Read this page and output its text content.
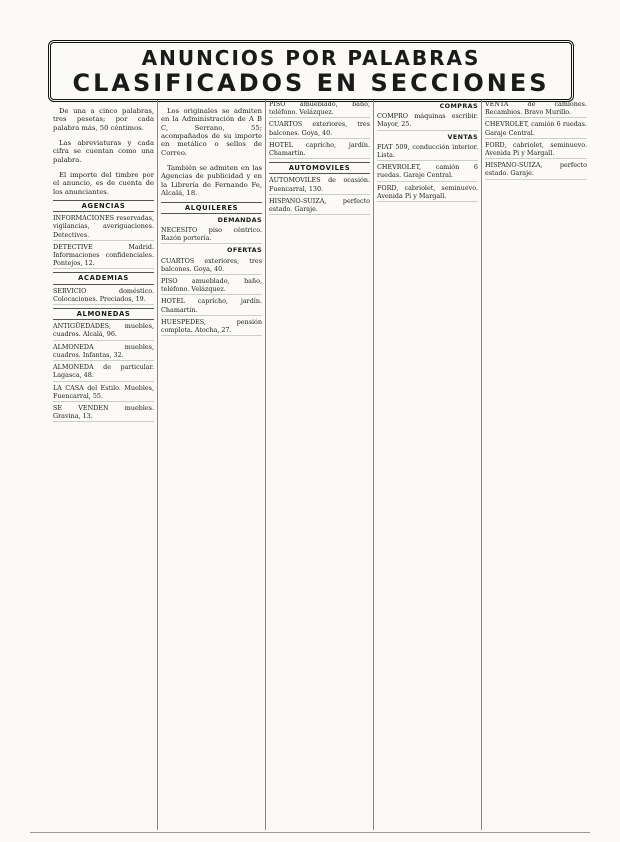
ANUNCIOS POR PALABRAS
CLASIFICADOS EN SECCIONES

De una a cinco palabras, tres pesetas; por cada palabra más, 50 céntimos.

Las abreviaturas y cada cifra se cuentan como una palabra.

El importe del timbre por el anuncio, es de cuenta de los anunciantes.

AGENCIAS

INFORMACIONES reservadas, vigilancias, averiguaciones. Detectives.

DETECTIVE Madrid. Informaciones confidenciales. Pontejos, 12.

ACADEMIAS

SERVICIO doméstico. Colocaciones. Preciados, 19.

ALMONEDAS

ANTIGÜEDADES, muebles, cuadros. Alcalá, 96.

ALMONEDA muebles, cuadros. Infantas, 32.

ALMONEDA de particular. Lagasca, 48.

LA CASA del Estilo. Muebles, Fuencarral, 55.

SE VENDEN muebles. Gravina, 13.

Los originales se admiten en la Administración de A B C, Serrano, 55; acompañados de su importe en metálico o sellos de Correo.

También se admiten en las Agencias de publicidad y en la Librería de Fernando Fe, Alcalá, 18.

ALQUILERES
DEMANDAS

NECESITO piso céntrico. Razón portería.

OFERTAS

CUARTOS exteriores, tres balcones. Goya, 40.

PISO amueblado, baño, teléfono. Velázquez.

HOTEL capricho, jardín. Chamartín.

HUESPEDES, pensión completa. Atocha, 27.

PISO amueblado, baño, teléfono. Velázquez.

CUARTOS exteriores, tres balcones. Goya, 40.

HOTEL capricho, jardín. Chamartín.

AUTOMOVILES

AUTOMOVILES de ocasión. Fuencarral, 130.

HISPANO-SUIZA, perfecto estado. Garaje.

COMPRAS

COMPRO máquinas escribir. Mayor, 25.

VENTAS

FIAT 509, conducción interior. Lista.

CHEVROLET, camión 6 ruedas. Garaje Central.

FORD, cabriolet, seminuevo. Avenida Pi y Margall.

VENTA de camiones. Recambios. Bravo Murillo.

CHEVROLET, camión 6 ruedas. Garaje Central.

FORD, cabriolet, seminuevo. Avenida Pi y Margall.

HISPANO-SUIZA, perfecto estado. Garaje.
